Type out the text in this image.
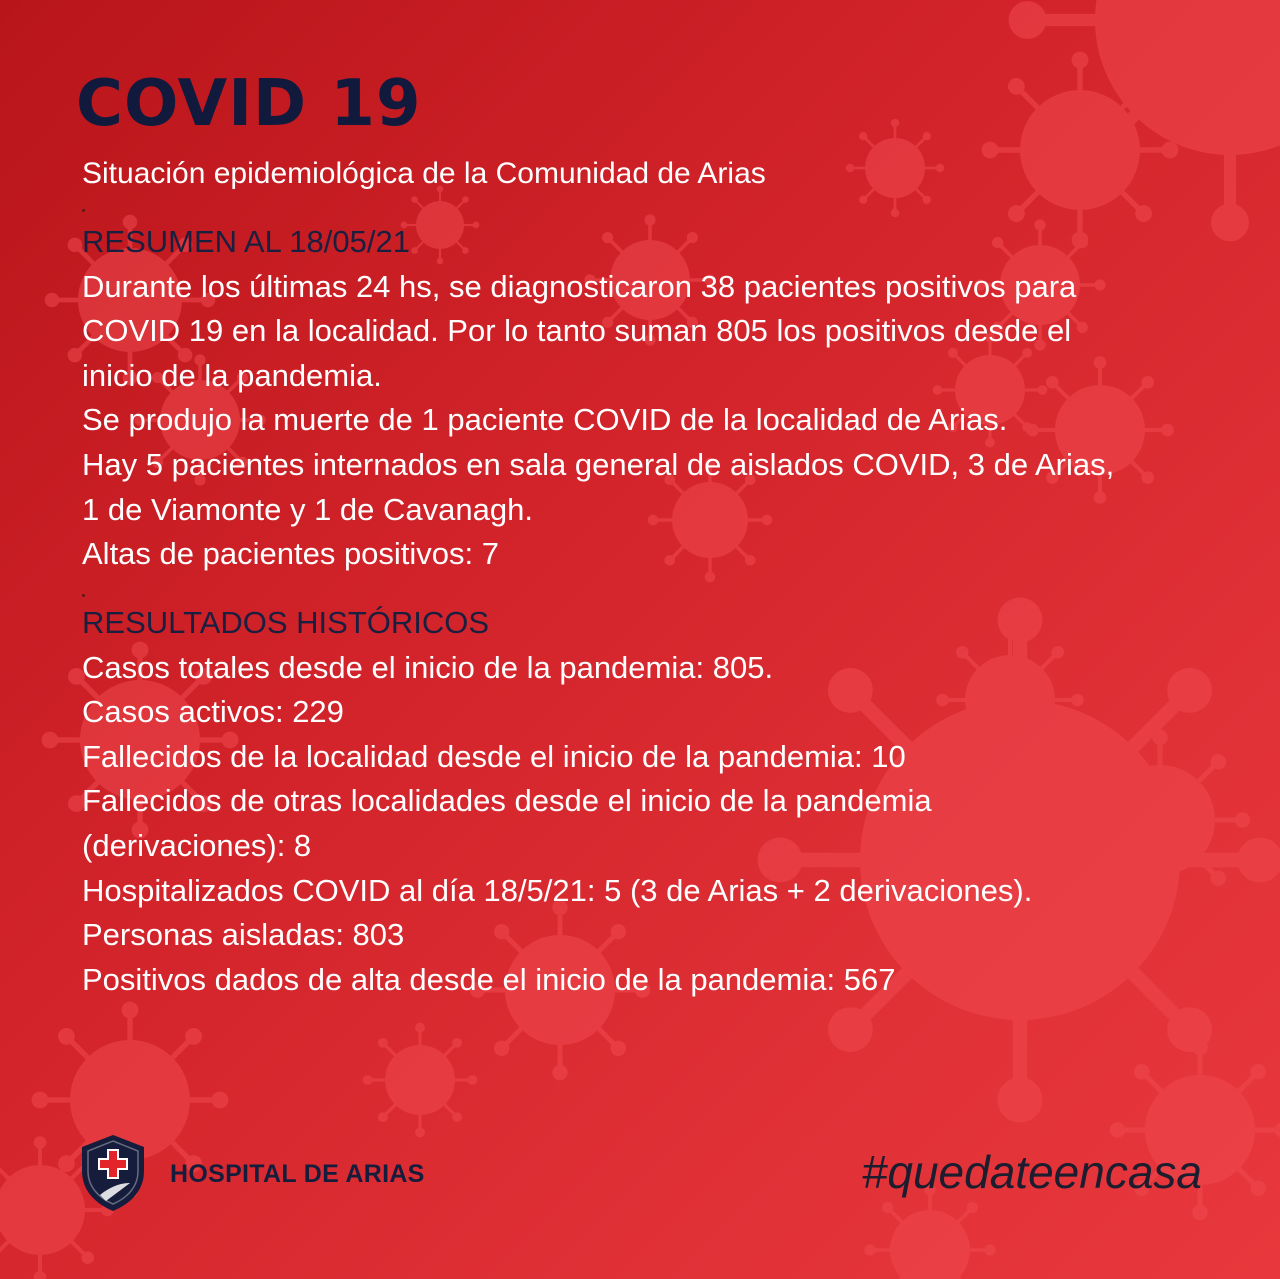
COVID 19
Situación epidemiológica de la Comunidad de Arias
RESUMEN AL 18/05/21
Durante los últimas 24 hs, se diagnosticaron 38 pacientes positivos para
COVID 19 en la localidad. Por lo tanto suman 805 los positivos desde el
inicio de la pandemia.
Se produjo la muerte de 1 paciente COVID de la localidad de Arias.
Hay 5 pacientes internados en sala general de aislados COVID, 3 de Arias,
1 de Viamonte y 1 de Cavanagh.
Altas de pacientes positivos: 7
RESULTADOS HISTÓRICOS
Casos totales desde el inicio de la pandemia: 805.
Casos activos: 229
Fallecidos de la localidad desde el inicio de la pandemia: 10
Fallecidos de otras localidades desde el inicio de la pandemia
(derivaciones): 8
Hospitalizados COVID al día 18/5/21: 5 (3 de Arias + 2 derivaciones).
Personas aisladas: 803
Positivos dados de alta desde el inicio de la pandemia: 567
HOSPITAL DE ARIAS	#quedateencasa
